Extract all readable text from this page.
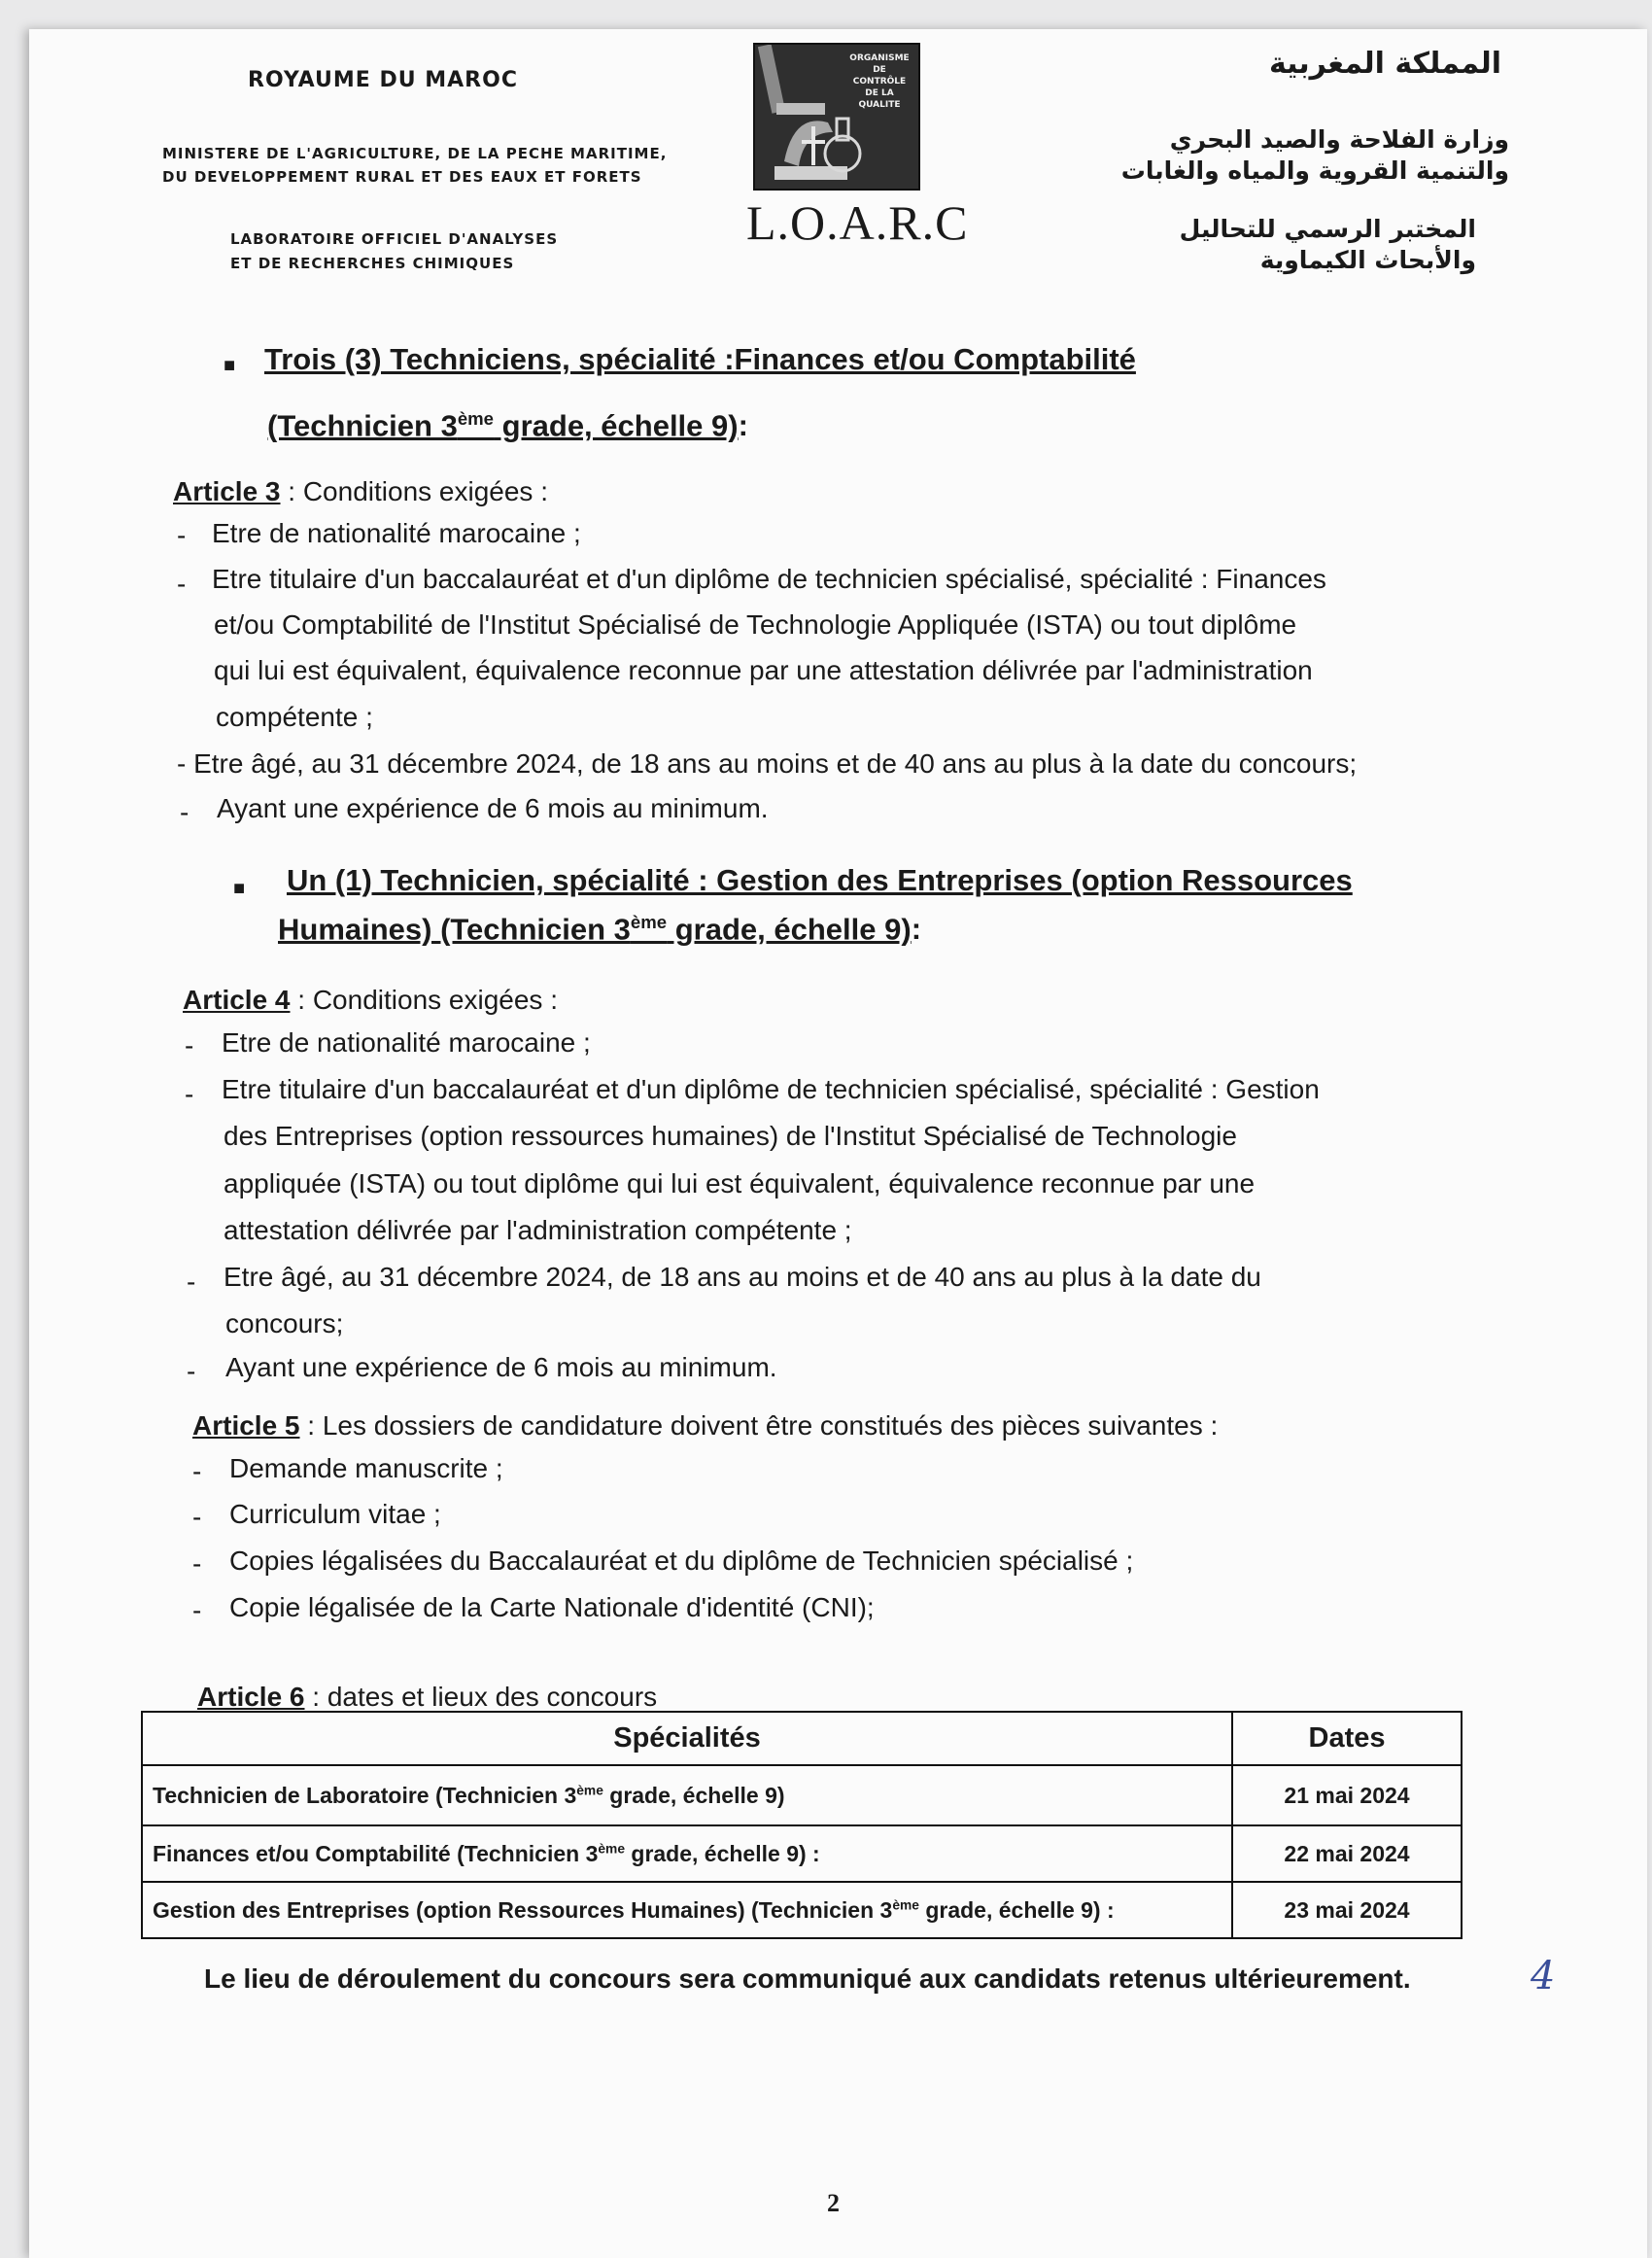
ROYAUME DU MAROC
MINISTERE DE L'AGRICULTURE, DE LA PECHE MARITIME,
DU DEVELOPPEMENT RURAL ET DES EAUX ET FORETS
LABORATOIRE OFFICIEL D'ANALYSES
ET DE RECHERCHES CHIMIQUES
ORGANISME
DE
CONTRÔLE
DE LA
QUALITE
L.O.A.R.C
المملكة المغربية
وزارة الفلاحة والصيد البحري
والتنمية القروية والمياه والغابات
المختبر الرسمي للتحاليل
والأبحاث الكيماوية
■ Trois (3) Techniciens, spécialité :Finances et/ou Comptabilité
(Technicien 3ème grade, échelle 9):
Article 3 : Conditions exigées :
- Etre de nationalité marocaine ;
- Etre titulaire d'un baccalauréat et d'un diplôme de technicien spécialisé, spécialité : Finances
et/ou Comptabilité de l'Institut Spécialisé de Technologie Appliquée (ISTA) ou tout diplôme
qui lui est équivalent, équivalence reconnue par une attestation délivrée par l'administration
compétente ;
- Etre âgé, au 31 décembre 2024, de 18 ans au moins et de 40 ans au plus à la date du concours;
- Ayant une expérience de 6 mois au minimum.
■ Un (1) Technicien, spécialité : Gestion des Entreprises (option Ressources
Humaines) (Technicien 3ème grade, échelle 9):
Article 4 : Conditions exigées :
- Etre de nationalité marocaine ;
- Etre titulaire d'un baccalauréat et d'un diplôme de technicien spécialisé, spécialité : Gestion
des Entreprises (option ressources humaines) de l'Institut Spécialisé de Technologie
appliquée (ISTA) ou tout diplôme qui lui est équivalent, équivalence reconnue par une
attestation délivrée par l'administration compétente ;
- Etre âgé, au 31 décembre 2024, de 18 ans au moins et de 40 ans au plus à la date du
concours;
- Ayant une expérience de 6 mois au minimum.
Article 5 : Les dossiers de candidature doivent être constitués des pièces suivantes :
- Demande manuscrite ;
- Curriculum vitae ;
- Copies légalisées du Baccalauréat et du diplôme de Technicien spécialisé ;
- Copie légalisée de la Carte Nationale d'identité (CNI);
Article 6 : dates et lieux des concours
Spécialités	Dates
Technicien de Laboratoire (Technicien 3ème grade, échelle 9)	21 mai 2024
Finances et/ou Comptabilité (Technicien 3ème grade, échelle 9) :	22 mai 2024
Gestion des Entreprises (option Ressources Humaines) (Technicien 3ème grade, échelle 9) :	23 mai 2024
Le lieu de déroulement du concours sera communiqué aux candidats retenus ultérieurement.	4
2
